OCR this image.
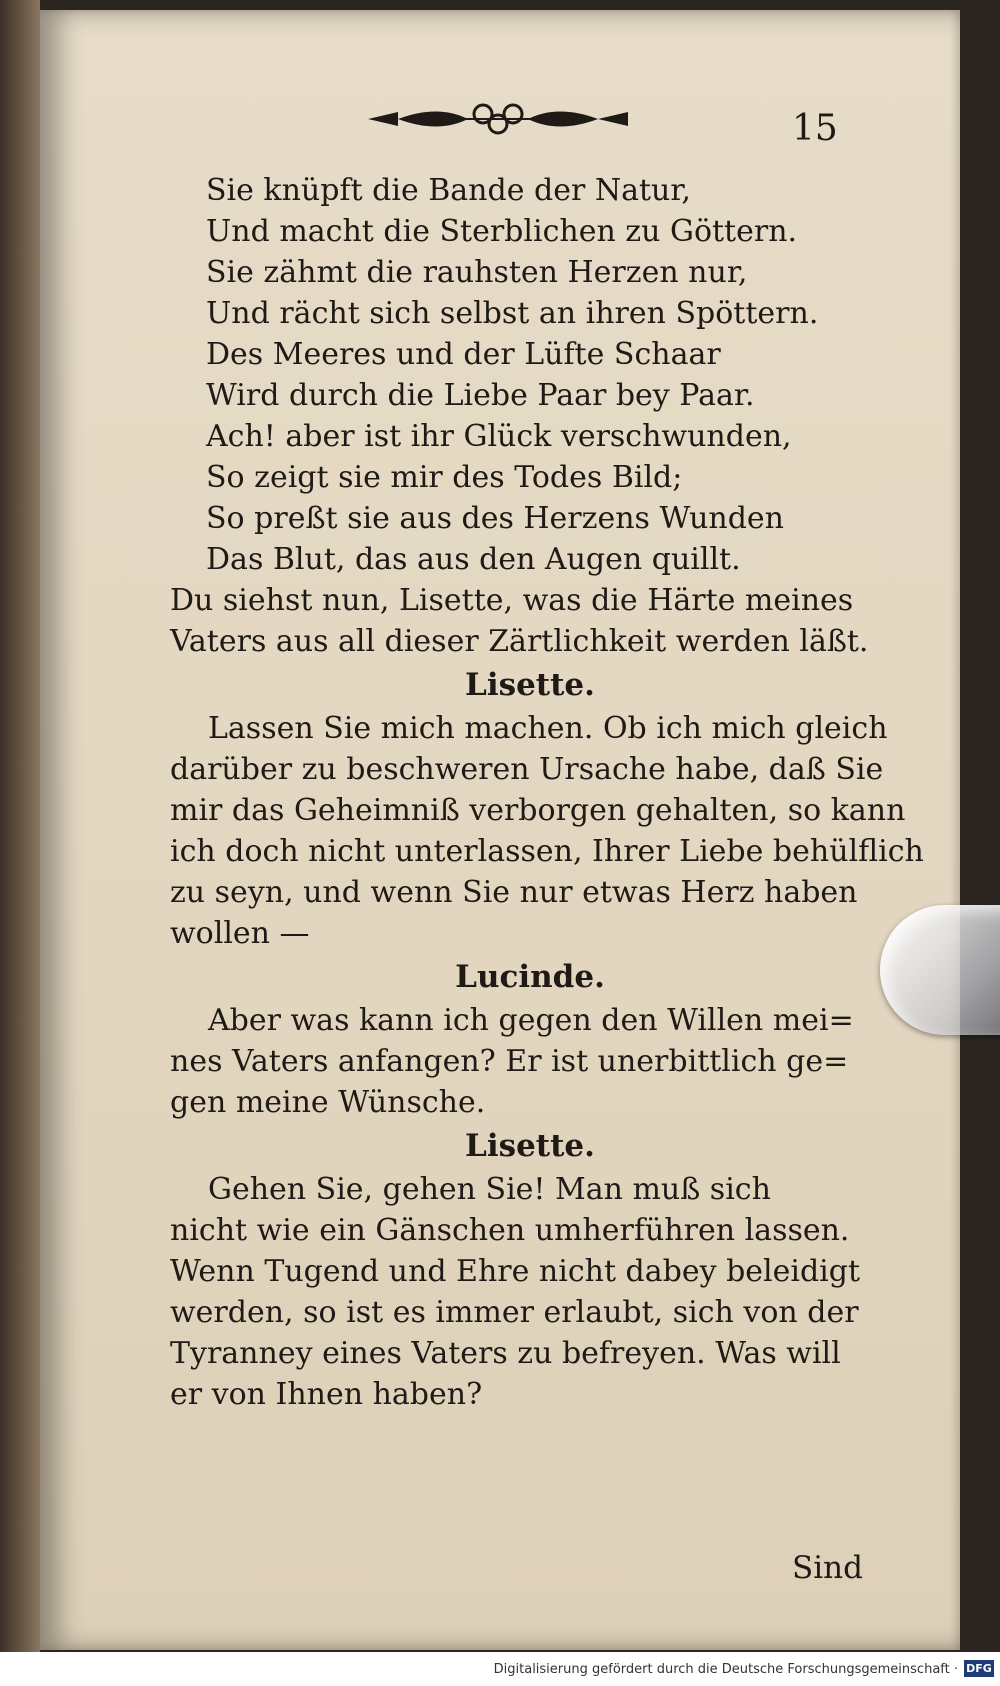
15
Sie knüpft die Bande der Natur,
Und macht die Sterblichen zu Göttern.
Sie zähmt die rauhsten Herzen nur,
Und rächt sich selbst an ihren Spöttern.
Des Meeres und der Lüfte Schaar
Wird durch die Liebe Paar bey Paar.
Ach! aber ist ihr Glück verschwunden,
So zeigt sie mir des Todes Bild;
So preßt sie aus des Herzens Wunden
Das Blut, das aus den Augen quillt.
Du siehst nun, Lisette, was die Härte meines
Vaters aus all dieser Zärtlichkeit werden läßt.
Lisette.
Lassen Sie mich machen. Ob ich mich gleich
darüber zu beschweren Ursache habe, daß Sie
mir das Geheimniß verborgen gehalten, so kann
ich doch nicht unterlassen, Ihrer Liebe behülflich
zu seyn, und wenn Sie nur etwas Herz haben
wollen —
Lucinde.
Aber was kann ich gegen den Willen mei=
nes Vaters anfangen? Er ist unerbittlich ge=
gen meine Wünsche.
Lisette.
Gehen Sie, gehen Sie! Man muß sich
nicht wie ein Gänschen umherführen lassen.
Wenn Tugend und Ehre nicht dabey beleidigt
werden, so ist es immer erlaubt, sich von der
Tyranney eines Vaters zu befreyen. Was will
er von Ihnen haben?
Sind
Digitalisierung gefördert durch die Deutsche Forschungsgemeinschaft · DFG
